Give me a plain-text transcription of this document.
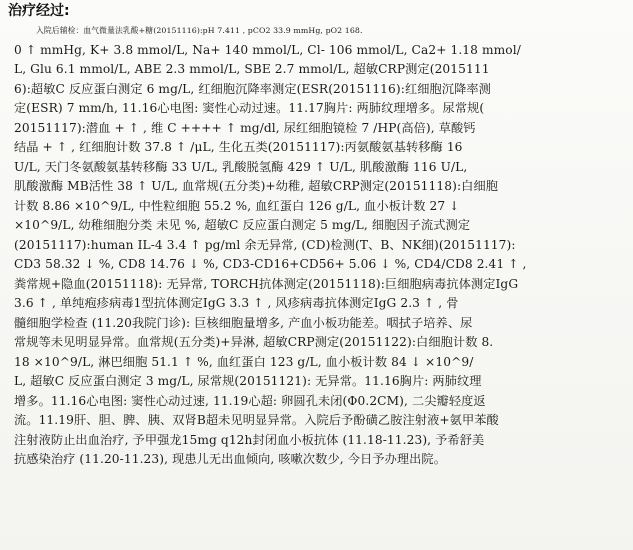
治疗经过:
入院后辅检：血气微量法乳酸+糖(20151116):pH 7.411 , pCO2 33.9 mmHg, pO2 168.
0 ↑ mmHg, K+ 3.8 mmol/L, Na+ 140 mmol/L, Cl- 106 mmol/L, Ca2+ 1.18 mmol/
L, Glu 6.1 mmol/L, ABE 2.3 mmol/L, SBE 2.7 mmol/L, 超敏CRP测定(2015111
6):超敏C 反应蛋白测定 6 mg/L, 红细胞沉降率测定(ESR(20151116):红细胞沉降率测
定(ESR) 7 mm/h, 11.16心电图: 窦性心动过速。11.17胸片: 两肺纹理增多。尿常规(
20151117):潜血 + ↑ , 维 C ++++ ↑ mg/dl, 尿红细胞镜检 7 /HP(高倍), 草酸钙
结晶 + ↑ , 红细胞计数 37.8 ↑ /μL, 生化五类(20151117):丙氨酸氨基转移酶 16
U/L, 天门冬氨酸氨基转移酶 33 U/L, 乳酸脱氢酶 429 ↑ U/L, 肌酸激酶 116 U/L,
肌酸激酶 MB活性 38 ↑ U/L, 血常规(五分类)+幼稚, 超敏CRP测定(20151118):白细胞
计数 8.86 ×10^9/L, 中性粒细胞 55.2 %, 血红蛋白 126 g/L, 血小板计数 27 ↓
×10^9/L, 幼稚细胞分类 未见 %, 超敏C 反应蛋白测定 5 mg/L, 细胞因子流式测定
(20151117):human IL-4 3.4 ↑ pg/ml 余无异常, (CD)检测(T、B、NK细)(20151117):
CD3 58.32 ↓ %, CD8 14.76 ↓ %, CD3-CD16+CD56+ 5.06 ↓ %, CD4/CD8 2.41 ↑ ,
粪常规+隐血(20151118): 无异常, TORCH抗体测定(20151118):巨细胞病毒抗体测定IgG
3.6 ↑ , 单纯疱疹病毒1型抗体测定IgG 3.3 ↑ , 风疹病毒抗体测定IgG 2.3 ↑ , 骨
髓细胞学检查 (11.20我院门诊): 巨核细胞量增多, 产血小板功能差。咽拭子培养、尿
常规等未见明显异常。血常规(五分类)+异淋, 超敏CRP测定(20151122):白细胞计数 8.
18 ×10^9/L, 淋巴细胞 51.1 ↑ %, 血红蛋白 123 g/L, 血小板计数 84 ↓ ×10^9/
L, 超敏C 反应蛋白测定 3 mg/L, 尿常规(20151121): 无异常。11.16胸片: 两肺纹理
增多。11.16心电图: 窦性心动过速, 11.19心超: 卵圆孔未闭(Φ0.2CM), 二尖瓣轻度返
流。11.19肝、胆、脾、胰、双肾B超未见明显异常。入院后予酚磺乙胺注射液+氨甲苯酸
注射液防止出血治疗, 予甲强龙15mg q12h封闭血小板抗体 (11.18-11.23), 予希舒美
抗感染治疗 (11.20-11.23), 现患儿无出血倾向, 咳嗽次数少, 今日予办理出院。
